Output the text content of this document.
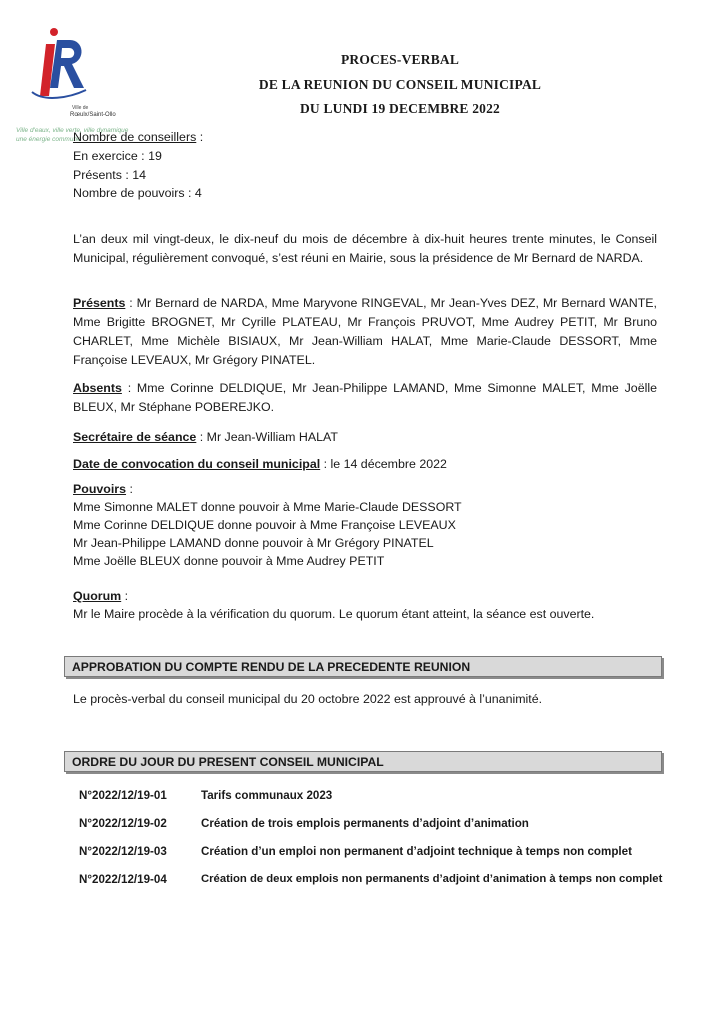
Ville de
Rœulx/Saint-Ollo
Ville d'eaux, ville verte, ville dynamique
une énergie commune
PROCES-VERBAL
DE LA REUNION DU CONSEIL MUNICIPAL
DU LUNDI 19 DECEMBRE 2022
Nombre de conseillers :
En exercice : 19
Présents : 14
Nombre de pouvoirs : 4
L’an deux mil vingt-deux, le dix-neuf du mois de décembre à dix-huit heures trente minutes, le Conseil Municipal, régulièrement convoqué, s’est réuni en Mairie, sous la présidence de Mr Bernard de NARDA.
Présents : Mr Bernard de NARDA, Mme Maryvone RINGEVAL, Mr Jean-Yves DEZ, Mr Bernard WANTE, Mme Brigitte BROGNET, Mr Cyrille PLATEAU, Mr François PRUVOT, Mme Audrey PETIT, Mr Bruno CHARLET, Mme Michèle BISIAUX, Mr Jean-William HALAT, Mme Marie-Claude DESSORT, Mme Françoise LEVEAUX, Mr Grégory PINATEL.
Absents : Mme Corinne DELDIQUE, Mr Jean-Philippe LAMAND, Mme Simonne MALET, Mme Joëlle BLEUX, Mr Stéphane POBEREJKO.
Secrétaire de séance : Mr Jean-William HALAT
Date de convocation du conseil municipal : le 14 décembre 2022
Pouvoirs :
Mme Simonne MALET donne pouvoir à Mme Marie-Claude DESSORT
Mme Corinne DELDIQUE donne pouvoir à Mme Françoise LEVEAUX
Mr Jean-Philippe LAMAND donne pouvoir à Mr Grégory PINATEL
Mme Joëlle BLEUX donne pouvoir à Mme Audrey PETIT
Quorum :
Mr le Maire procède à la vérification du quorum. Le quorum étant atteint, la séance est ouverte.
APPROBATION DU COMPTE RENDU DE LA PRECEDENTE REUNION
Le procès-verbal du conseil municipal du 20 octobre 2022 est approuvé à l’unanimité.
ORDRE DU JOUR DU PRESENT CONSEIL MUNICIPAL
N°2022/12/19-01	Tarifs communaux 2023
N°2022/12/19-02	Création de trois emplois permanents d’adjoint d’animation
N°2022/12/19-03	Création d’un emploi non permanent d’adjoint technique à temps non complet
N°2022/12/19-04	Création de deux emplois non permanents d’adjoint d’animation à temps non complet
